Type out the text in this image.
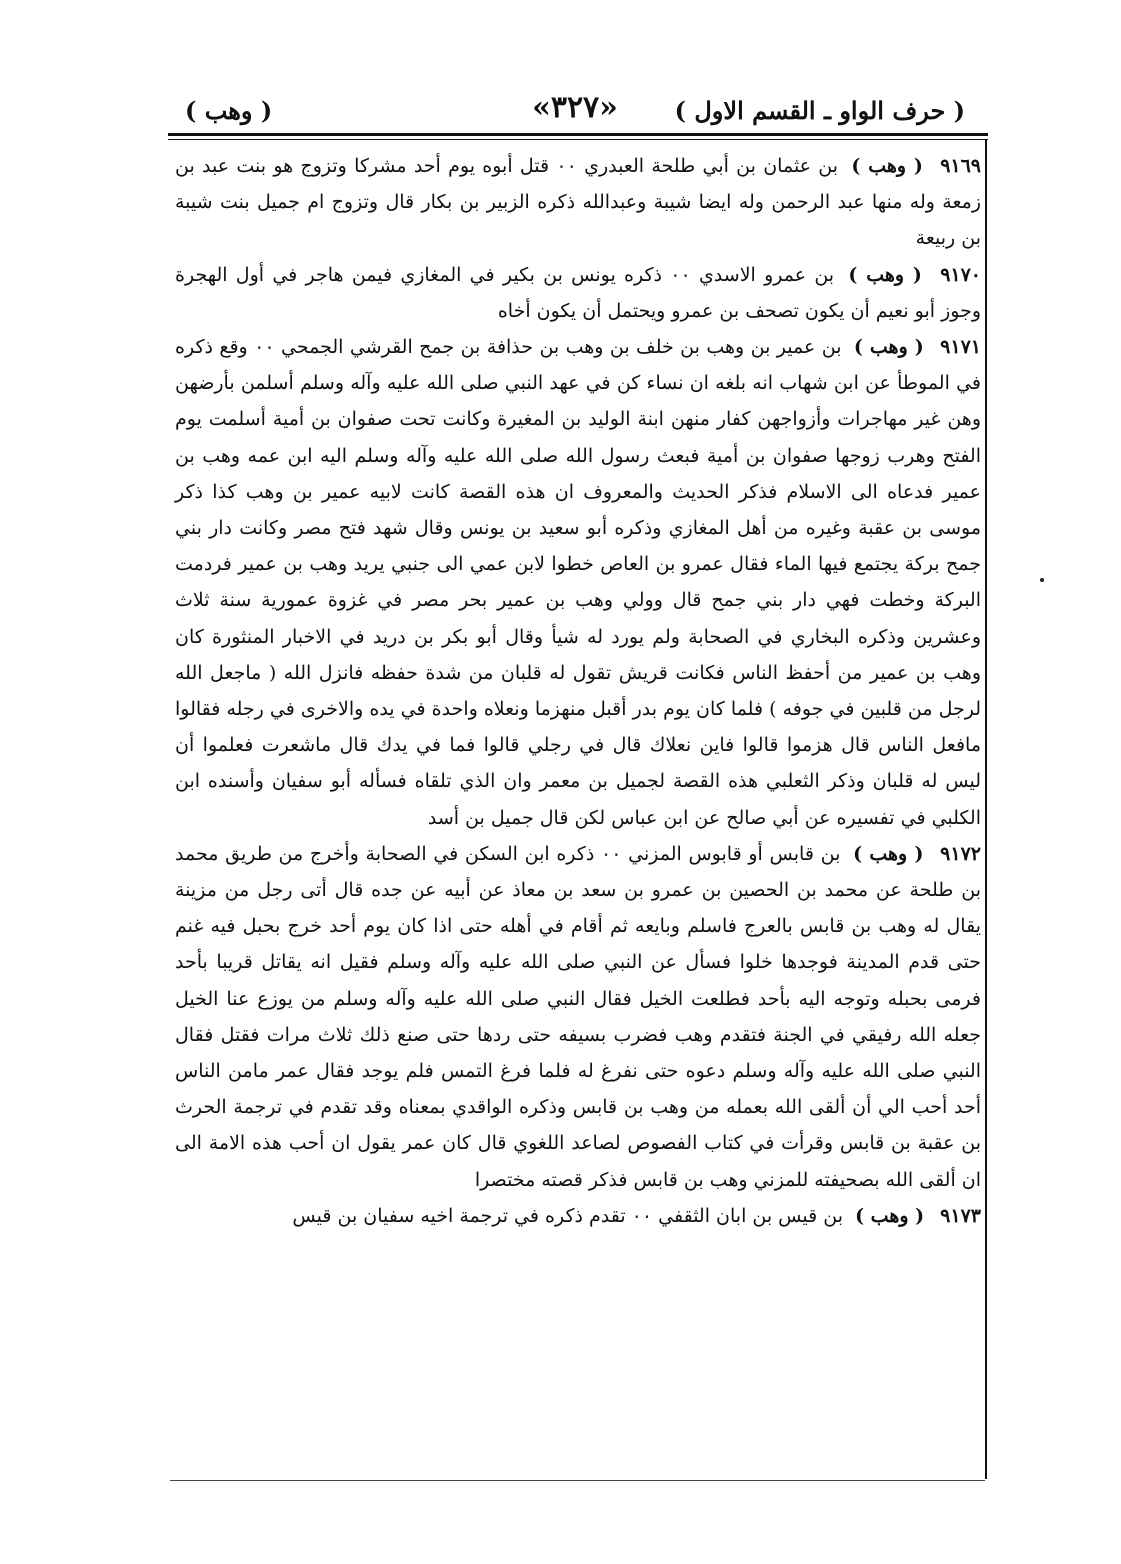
( حرف الواو ـ القسم الاول )
«٣٢٧»
( وهب )

٩١٦٩ ( وهب ) بن عثمان بن أبي طلحة العبدري ٠٠ قتل أبوه يوم أحد مشركا وتزوج هو بنت عبد بن زمعة وله منها عبد الرحمن وله ايضا شيبة وعبدالله ذكره الزبير بن بكار قال وتزوج ام جميل بنت شيبة بن ربيعة

٩١٧٠ ( وهب ) بن عمرو الاسدي ٠٠ ذكره يونس بن بكير في المغازي فيمن هاجر في أول الهجرة وجوز أبو نعيم أن يكون تصحف بن عمرو ويحتمل أن يكون أخاه

٩١٧١ ( وهب ) بن عمير بن وهب بن خلف بن وهب بن حذافة بن جمح القرشي الجمحي ٠٠ وقع ذكره في الموطأ عن ابن شهاب انه بلغه ان نساء كن في عهد النبي صلى الله عليه وآله وسلم أسلمن بأرضهن وهن غير مهاجرات وأزواجهن كفار منهن ابنة الوليد بن المغيرة وكانت تحت صفوان بن أمية أسلمت يوم الفتح وهرب زوجها صفوان بن أمية فبعث رسول الله صلى الله عليه وآله وسلم اليه ابن عمه وهب بن عمير فدعاه الى الاسلام فذكر الحديث والمعروف ان هذه القصة كانت لابيه عمير بن وهب كذا ذكر موسى بن عقبة وغيره من أهل المغازي وذكره أبو سعيد بن يونس وقال شهد فتح مصر وكانت دار بني جمح بركة يجتمع فيها الماء فقال عمرو بن العاص خطوا لابن عمي الى جنبي يريد وهب بن عمير فردمت البركة وخطت فهي دار بني جمح قال وولي وهب بن عمير بحر مصر في غزوة عمورية سنة ثلاث وعشرين وذكره البخاري في الصحابة ولم يورد له شيأ وقال أبو بكر بن دريد في الاخبار المنثورة كان وهب بن عمير من أحفظ الناس فكانت قريش تقول له قلبان من شدة حفظه فانزل الله ( ماجعل الله لرجل من قلبين في جوفه ) فلما كان يوم بدر أقبل منهزما ونعلاه واحدة في يده والاخرى في رجله فقالوا مافعل الناس قال هزموا قالوا فاين نعلاك قال في رجلي قالوا فما في يدك قال ماشعرت فعلموا أن ليس له قلبان وذكر الثعلبي هذه القصة لجميل بن معمر وان الذي تلقاه فسأله أبو سفيان وأسنده ابن الكلبي في تفسيره عن أبي صالح عن ابن عباس لكن قال جميل بن أسد

٩١٧٢ ( وهب ) بن قابس أو قابوس المزني ٠٠ ذكره ابن السكن في الصحابة وأخرج من طريق محمد بن طلحة عن محمد بن الحصين بن عمرو بن سعد بن معاذ عن أبيه عن جده قال أتى رجل من مزينة يقال له وهب بن قابس بالعرج فاسلم وبايعه ثم أقام في أهله حتى اذا كان يوم أحد خرج بحبل فيه غنم حتى قدم المدينة فوجدها خلوا فسأل عن النبي صلى الله عليه وآله وسلم فقيل انه يقاتل قريبا بأحد فرمى بحبله وتوجه اليه بأحد فطلعت الخيل فقال النبي صلى الله عليه وآله وسلم من يوزع عنا الخيل جعله الله رفيقي في الجنة فتقدم وهب فضرب بسيفه حتى ردها حتى صنع ذلك ثلاث مرات فقتل فقال النبي صلى الله عليه وآله وسلم دعوه حتى نفرغ له فلما فرغ التمس فلم يوجد فقال عمر مامن الناس أحد أحب الي أن ألقى الله بعمله من وهب بن قابس وذكره الواقدي بمعناه وقد تقدم في ترجمة الحرث بن عقبة بن قابس وقرأت في كتاب الفصوص لصاعد اللغوي قال كان عمر يقول ان أحب هذه الامة الى ان ألقى الله بصحيفته للمزني وهب بن قابس فذكر قصته مختصرا

٩١٧٣ ( وهب ) بن قيس بن ابان الثقفي ٠٠ تقدم ذكره في ترجمة اخيه سفيان بن قيس
